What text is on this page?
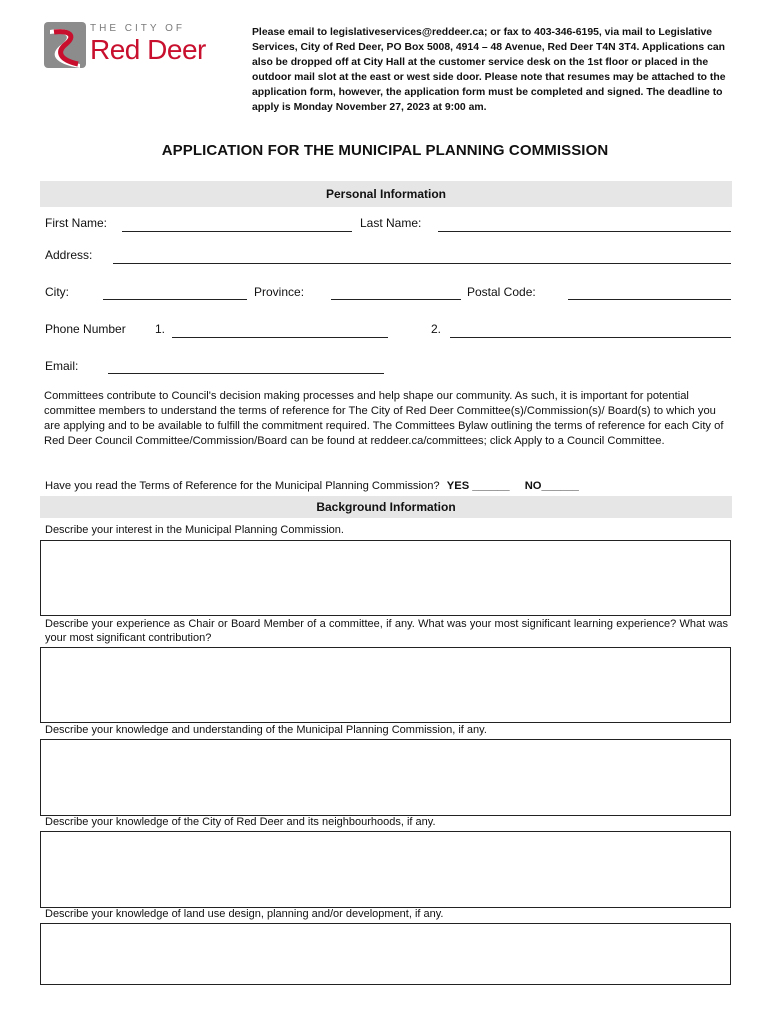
THE CITY OF
Red Deer
Please email to legislativeservices@reddeer.ca; or fax to 403-346-6195, via mail to Legislative Services, City of Red Deer, PO Box 5008, 4914 – 48 Avenue, Red Deer T4N 3T4. Applications can also be dropped off at City Hall at the customer service desk on the 1st floor or placed in the outdoor mail slot at the east or west side door. Please note that resumes may be attached to the application form, however, the application form must be completed and signed. The deadline to apply is Monday November 27, 2023 at 9:00 am.
APPLICATION FOR THE MUNICIPAL PLANNING COMMISSION
Personal Information
First Name:	Last Name:
Address:
City:	Province:	Postal Code:
Phone Number 1.	2.
Email:
Committees contribute to Council's decision making processes and help shape our community. As such, it is important for potential committee members to understand the terms of reference for The City of Red Deer Committee(s)/Commission(s)/ Board(s) to which you are applying and to be available to fulfill the commitment required. The Committees Bylaw outlining the terms of reference for each City of Red Deer Council Committee/Commission/Board can be found at reddeer.ca/committees; click Apply to a Council Committee.
Have you read the Terms of Reference for the Municipal Planning Commission? YES ______ NO______
Background Information
Describe your interest in the Municipal Planning Commission.
Describe your experience as Chair or Board Member of a committee, if any. What was your most significant learning experience? What was your most significant contribution?
Describe your knowledge and understanding of the Municipal Planning Commission, if any.
Describe your knowledge of the City of Red Deer and its neighbourhoods, if any.
Describe your knowledge of land use design, planning and/or development, if any.
